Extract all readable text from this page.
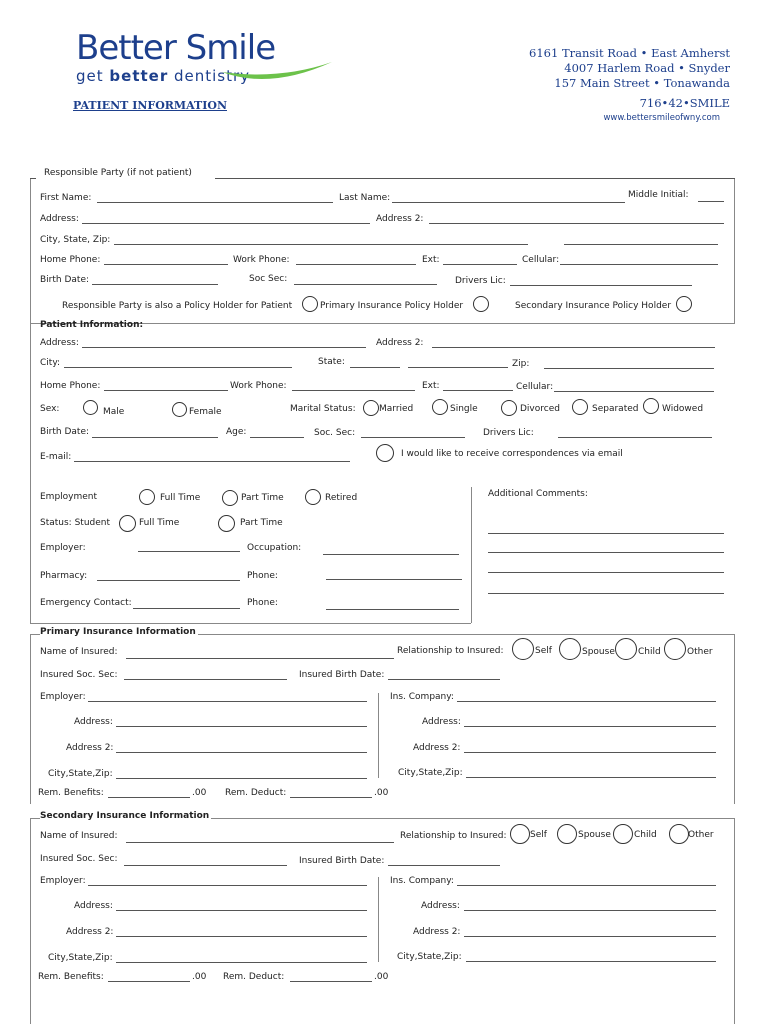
Better Smile
get better dentistry
6161 Transit Road • East Amherst
4007 Harlem Road • Snyder
157 Main Street • Tonawanda
716•42•SMILE
www.bettersmileofwny.com
PATIENT INFORMATION
Responsible Party (if not patient)
First Name:	Last Name:	Middle Initial:
Address:	Address 2:
City, State, Zip:
Home Phone:	Work Phone:	Ext:	Cellular:
Birth Date:	Soc Sec:	Drivers Lic:
Responsible Party is also a Policy Holder for Patient	Primary Insurance Policy Holder	Secondary Insurance Policy Holder
Patient Information:
Address:	Address 2:
City:	State:	Zip:
Home Phone:	Work Phone:	Ext:	Cellular:
Sex:	Male	Female	Marital Status:	Married	Single	Divorced	Separated	Widowed
Birth Date:	Age:	Soc. Sec:	Drivers Lic:
E-mail:	I would like to receive correspondences via email
Employment	Full Time	Part Time	Retired
Status: Student	Full Time	Part Time
Employer:	Occupation:
Pharmacy:	Phone:
Emergency Contact:	Phone:
Additional Comments:
Primary Insurance Information
Name of Insured:	Relationship to Insured:	Self	Spouse	Child	Other
Insured Soc. Sec:	Insured Birth Date:
Employer:	Ins. Company:
Address:	Address:
Address 2:	Address 2:
City,State,Zip:	City,State,Zip:
Rem. Benefits:	.00 Rem. Deduct:	.00
Secondary Insurance Information
Name of Insured:	Relationship to Insured:	Self	Spouse	Child	Other
Insured Soc. Sec:	Insured Birth Date:
Employer:	Ins. Company:
Address:	Address:
Address 2:	Address 2:
City,State,Zip:	City,State,Zip:
Rem. Benefits:	.00 Rem. Deduct:	.00
